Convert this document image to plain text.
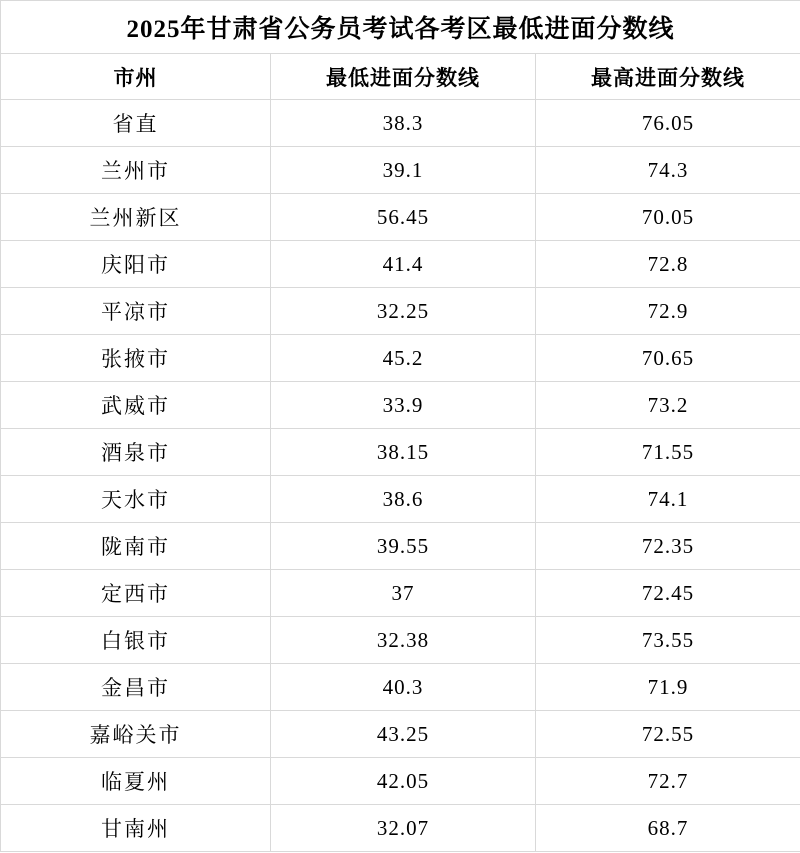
2025年甘肃省公务员考试各考区最低进面分数线		
市州	最低进面分数线	最高进面分数线
省直	38.3	76.05
兰州市	39.1	74.3
兰州新区	56.45	70.05
庆阳市	41.4	72.8
平凉市	32.25	72.9
张掖市	45.2	70.65
武威市	33.9	73.2
酒泉市	38.15	71.55
天水市	38.6	74.1
陇南市	39.55	72.35
定西市	37	72.45
白银市	32.38	73.55
金昌市	40.3	71.9
嘉峪关市	43.25	72.55
临夏州	42.05	72.7
甘南州	32.07	68.7
